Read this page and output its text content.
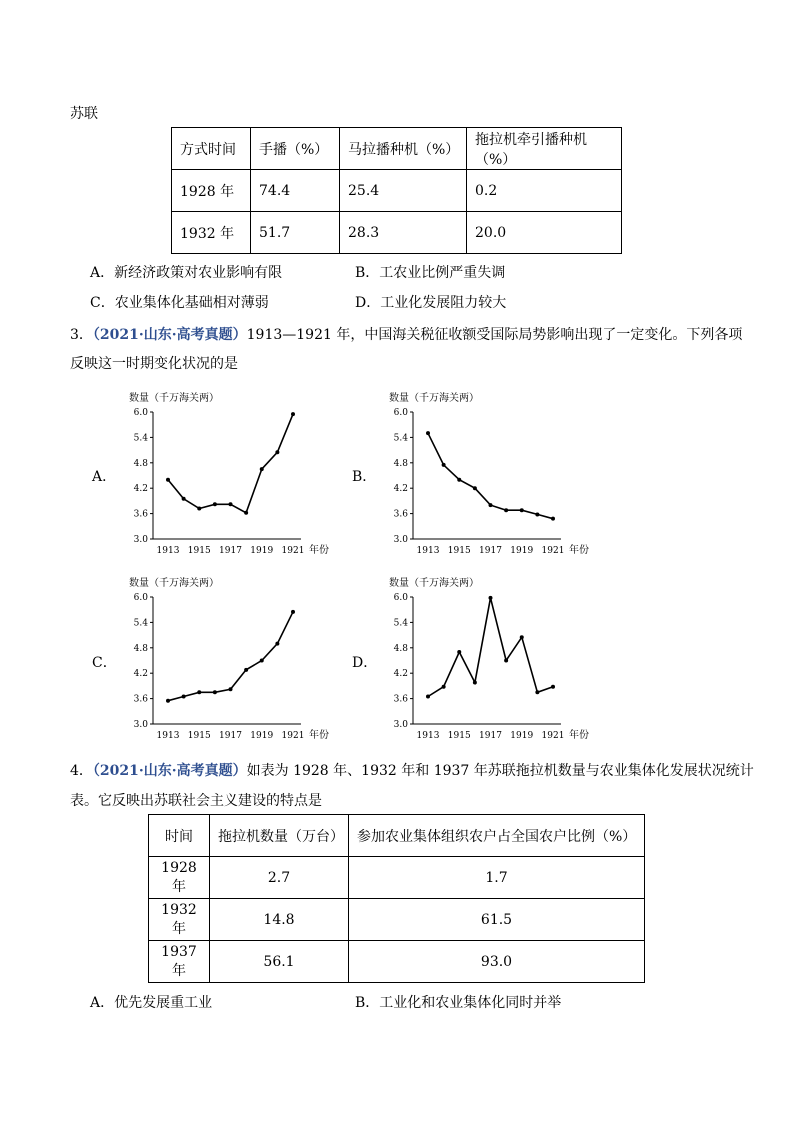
苏联
方式时间	手播（%）	马拉播种机（%）	拖拉机牵引播种机（%）
1928 年	74.4	25.4	0.2
1932 年	51.7	28.3	20.0
A．新经济政策对农业影响有限	B．工农业比例严重失调
C．农业集体化基础相对薄弱	D．工业化发展阻力较大
3．（2021·山东·高考真题）1913—1921 年，中国海关税征收额受国际局势影响出现了一定变化。下列各项
反映这一时期变化状况的是
A．	B．
C．	D．
数量（千万海关两）
3.0
3.6
4.2
4.8
5.4
6.0
1913 1915 1917 1919 1921 年份
数量（千万海关两）
3.0
3.6
4.2
4.8
5.4
6.0
1913 1915 1917 1919 1921 年份
数量（千万海关两）
3.0
3.6
4.2
4.8
5.4
6.0
1913 1915 1917 1919 1921 年份
数量（千万海关两）
3.0
3.6
4.2
4.8
5.4
6.0
1913 1915 1917 1919 1921 年份
4．（2021·山东·高考真题）如表为 1928 年、1932 年和 1937 年苏联拖拉机数量与农业集体化发展状况统计
表。它反映出苏联社会主义建设的特点是
时间	拖拉机数量（万台）	参加农业集体组织农户占全国农户比例（%）
1928 年	2.7	1.7
1932 年	14.8	61.5
1937 年	56.1	93.0
A．优先发展重工业	B．工业化和农业集体化同时并举
